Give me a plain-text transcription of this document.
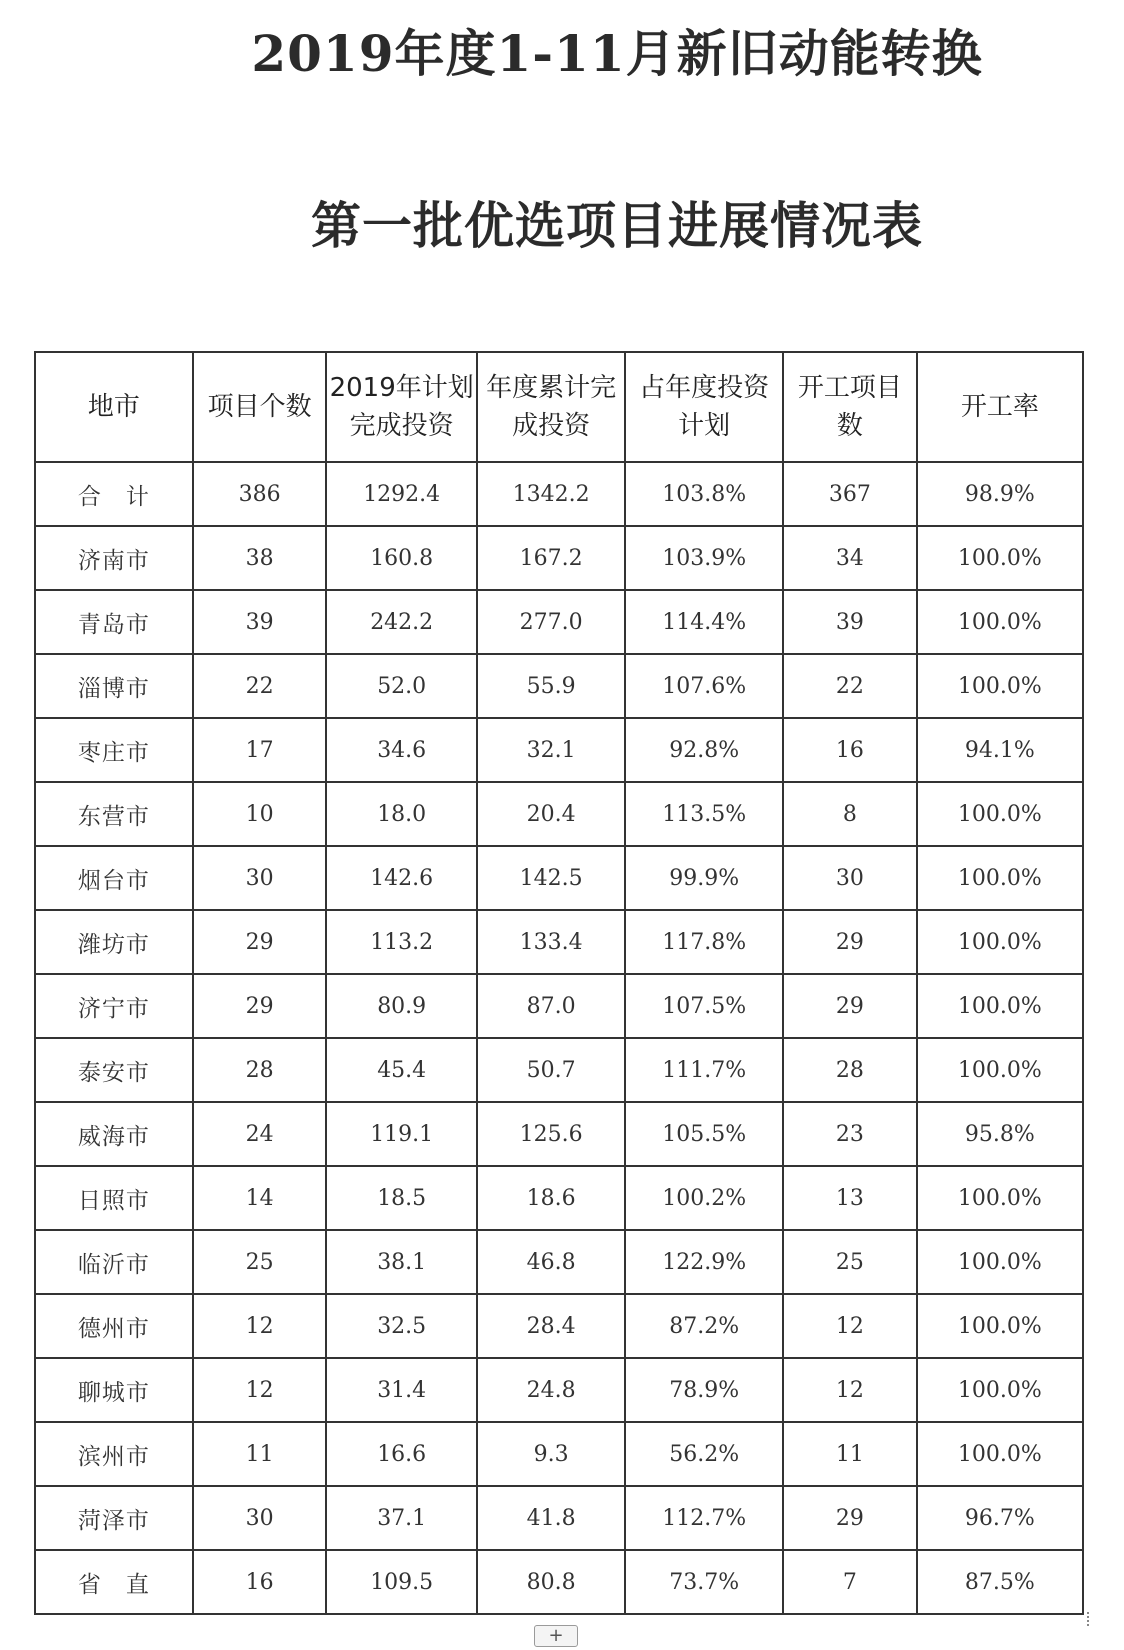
2019年度1-11月新旧动能转换
第一批优选项目进展情况表
地市	项目个数	2019年计划完成投资	年度累计完成投资	占年度投资计划	开工项目数	开工率

合　计	386	1292.4	1342.2	103.8%	367	98.9%
济南市	38	160.8	167.2	103.9%	34	100.0%
青岛市	39	242.2	277.0	114.4%	39	100.0%
淄博市	22	52.0	55.9	107.6%	22	100.0%
枣庄市	17	34.6	32.1	92.8%	16	94.1%
东营市	10	18.0	20.4	113.5%	8	100.0%
烟台市	30	142.6	142.5	99.9%	30	100.0%
潍坊市	29	113.2	133.4	117.8%	29	100.0%
济宁市	29	80.9	87.0	107.5%	29	100.0%
泰安市	28	45.4	50.7	111.7%	28	100.0%
威海市	24	119.1	125.6	105.5%	23	95.8%
日照市	14	18.5	18.6	100.2%	13	100.0%
临沂市	25	38.1	46.8	122.9%	25	100.0%
德州市	12	32.5	28.4	87.2%	12	100.0%
聊城市	12	31.4	24.8	78.9%	12	100.0%
滨州市	11	16.6	9.3	56.2%	11	100.0%
菏泽市	30	37.1	41.8	112.7%	29	96.7%
省　直	16	109.5	80.8	73.7%	7	87.5%
+
